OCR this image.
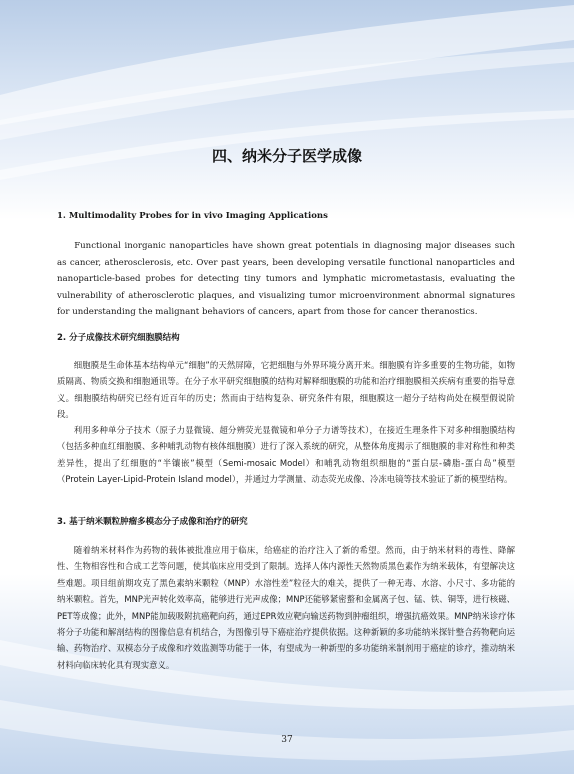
四、纳米分子医学成像
1. Multimodality Probes for in vivo Imaging Applications

Functional inorganic nanoparticles have shown great potentials in diagnosing major diseases such as cancer, atherosclerosis, etc. Over past years, been developing versatile functional nanoparticles and nanoparticle-based probes for detecting tiny tumors and lymphatic micrometastasis, evaluating the vulnerability of atherosclerotic plaques, and visualizing tumor microenvironment abnormal signatures for understanding the malignant behaviors of cancers, apart from those for cancer theranostics.

2. 分子成像技术研究细胞膜结构

细胞膜是生命体基本结构单元“细胞”的天然屏障，它把细胞与外界环境分离开来。细胞膜有许多重要的生物功能，如物质隔离、物质交换和细胞通讯等。在分子水平研究细胞膜的结构对解释细胞膜的功能和治疗细胞膜相关疾病有重要的指导意义。细胞膜结构研究已经有近百年的历史；然而由于结构复杂、研究条件有限，细胞膜这一超分子结构尚处在模型假说阶段。

利用多种单分子技术（原子力显微镜、超分辨荧光显微镜和单分子力谱等技术），在接近生理条件下对多种细胞膜结构（包括多种血红细胞膜、多种哺乳动物有核体细胞膜）进行了深入系统的研究，从整体角度揭示了细胞膜的非对称性和种类差异性，提出了红细胞的“半镶嵌”模型（Semi-mosaic Model）和哺乳动物组织细胞的“蛋白层-磷脂-蛋白岛”模型（Protein Layer-Lipid-Protein Island model），并通过力学测量、动态荧光成像、冷冻电镜等技术验证了新的模型结构。

3. 基于纳米颗粒肿瘤多模态分子成像和治疗的研究

随着纳米材料作为药物的载体被批准应用于临床，给癌症的治疗注入了新的希望。然而，由于纳米材料的毒性、降解性、生物相容性和合成工艺等问题，使其临床应用受到了限制。选择人体内源性天然物质黑色素作为纳米载体，有望解决这些难题。项目组前期攻克了黑色素纳米颗粒（MNP）水溶性差”粒径大的难关，提供了一种无毒、水溶、小尺寸、多功能的纳米颗粒。首先，MNP光声转化效率高，能够进行光声成像；MNP还能够紧密螯和金属离子包、锰、铁、铜等，进行核磁、PET等成像；此外，MNP能加载吸附抗癌靶向药，通过EPR效应靶向输送药物到肿瘤组织，增强抗癌效果。MNP纳米诊疗体将分子功能和解剖结构的图像信息有机结合，为图像引导下癌症治疗提供依据。这种新颖的多功能纳米探针整合药物靶向运输、药物治疗、双模态分子成像和疗效监测等功能于一体，有望成为一种新型的多功能纳米制剂用于癌症的诊疗，推动纳米材料向临床转化具有现实意义。

37
